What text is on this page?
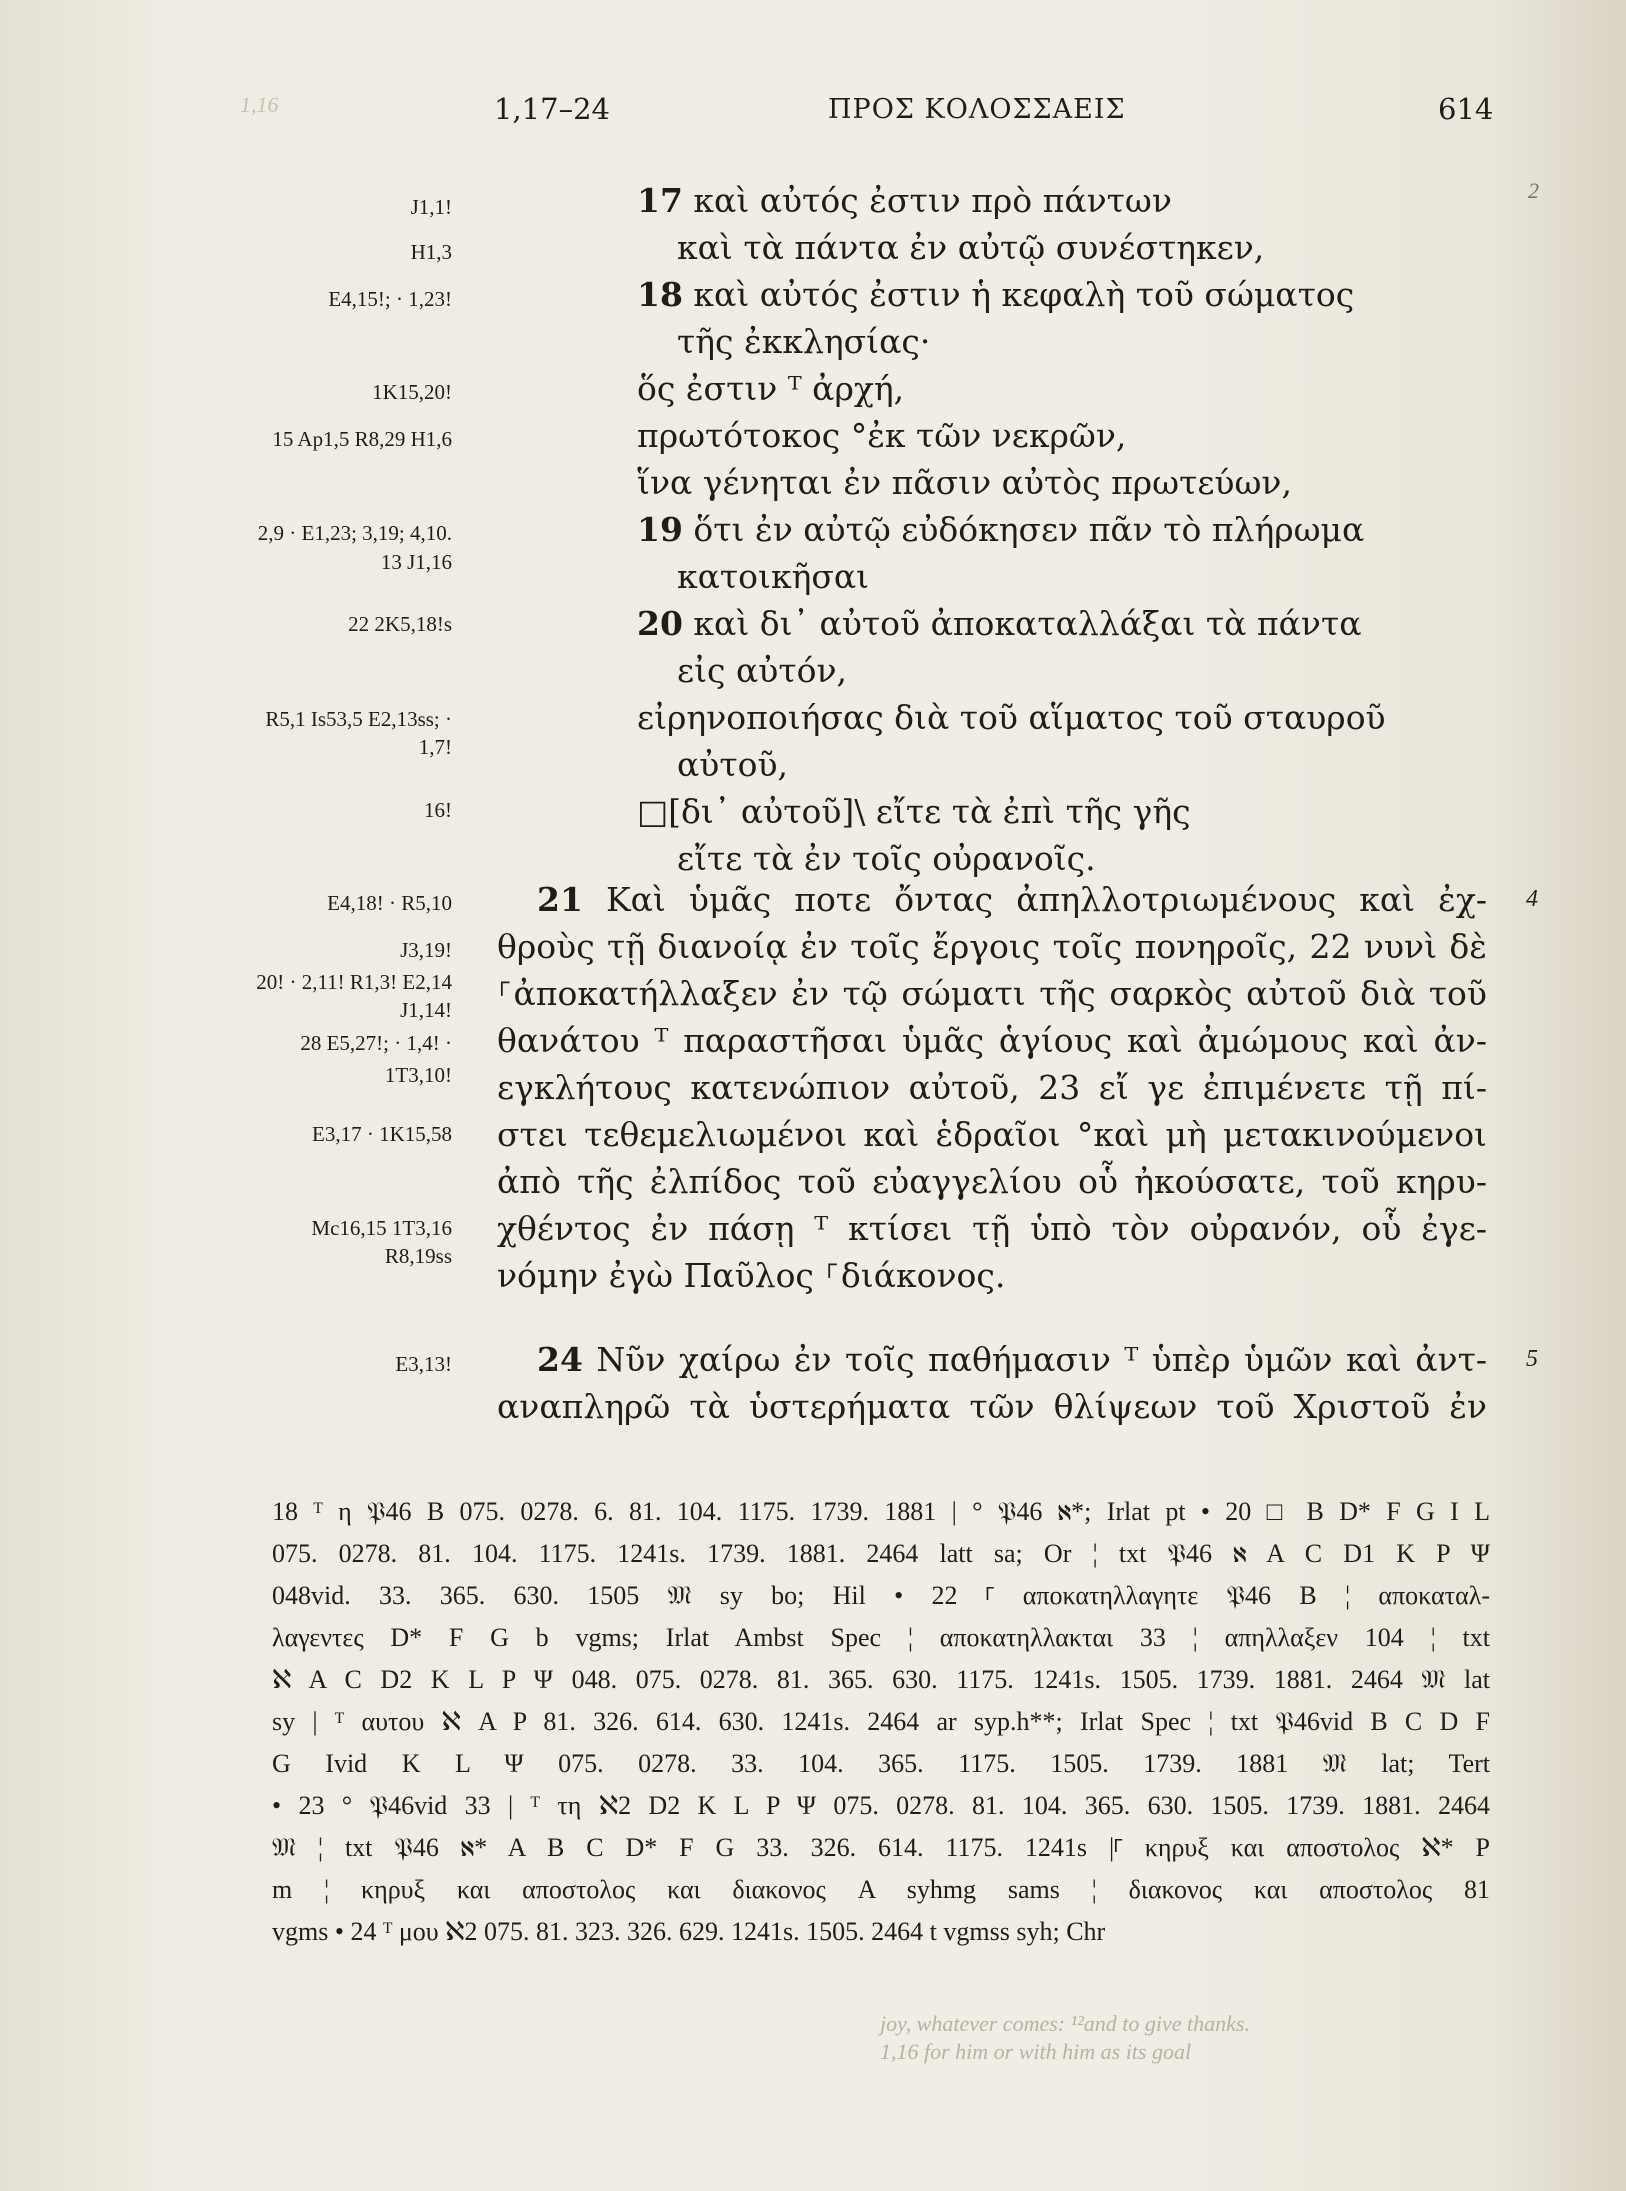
1,17–24	ΠΡΟΣ ΚΟΛΟΣΣΑΕΙΣ	614
1,16
2
J1,1!
H1,3
E4,15!; · 1,23!
1K15,20!
15 Ap1,5 R8,29 H1,6
2,9 · E1,23; 3,19; 4,10.
13 J1,16
22 2K5,18!s
R5,1 Is53,5 E2,13ss; ·
1,7!
16!
E4,18! · R5,10
J3,19!
20! · 2,11! R1,3! E2,14
J1,14!
28 E5,27!; · 1,4! ·
1T3,10!
E3,17 · 1K15,58
Mc16,15 1T3,16
R8,19ss
E3,13!
17 καὶ αὐτός ἐστιν πρὸ πάντων
καὶ τὰ πάντα ἐν αὐτῷ συνέστηκεν,
18 καὶ αὐτός ἐστιν ἡ κεφαλὴ τοῦ σώματος
τῆς ἐκκλησίας·
ὅς ἐστιν ᵀ ἀρχή,
πρωτότοκος °ἐκ τῶν νεκρῶν,
ἵνα γένηται ἐν πᾶσιν αὐτὸς πρωτεύων,
19 ὅτι ἐν αὐτῷ εὐδόκησεν πᾶν τὸ πλήρωμα
κατοικῆσαι
20 καὶ δι᾽ αὐτοῦ ἀποκαταλλάξαι τὰ πάντα
εἰς αὐτόν,
εἰρηνοποιήσας διὰ τοῦ αἵματος τοῦ σταυροῦ
αὐτοῦ,
□[δι᾽ αὐτοῦ]\ εἴτε τὰ ἐπὶ τῆς γῆς
εἴτε τὰ ἐν τοῖς οὐρανοῖς.
21 Καὶ ὑμᾶς ποτε ὄντας ἀπηλλοτριωμένους καὶ ἐχ- 4
θροὺς τῇ διανοίᾳ ἐν τοῖς ἔργοις τοῖς πονηροῖς, 22 νυνὶ δὲ
⸀ἀποκατήλλαξεν ἐν τῷ σώματι τῆς σαρκὸς αὐτοῦ διὰ τοῦ
θανάτου ᵀ παραστῆσαι ὑμᾶς ἁγίους καὶ ἀμώμους καὶ ἀν-
εγκλήτους κατενώπιον αὐτοῦ, 23 εἴ γε ἐπιμένετε τῇ πί-
στει τεθεμελιωμένοι καὶ ἑδραῖοι °καὶ μὴ μετακινούμενοι
ἀπὸ τῆς ἐλπίδος τοῦ εὐαγγελίου οὗ ἠκούσατε, τοῦ κηρυ-
χθέντος ἐν πάσῃ ᵀ κτίσει τῇ ὑπὸ τὸν οὐρανόν, οὗ ἐγε-
νόμην ἐγὼ Παῦλος ⸀διάκονος.
24 Νῦν χαίρω ἐν τοῖς παθήμασιν ᵀ ὑπὲρ ὑμῶν καὶ ἀντ- 5
αναπληρῶ τὰ ὑστερήματα τῶν θλίψεων τοῦ Χριστοῦ ἐν
18 ᵀ η 𝔓46 B 075. 0278. 6. 81. 104. 1175. 1739. 1881 | ° 𝔓46 ℵ*; Irlat pt • 20 □ B D* F G I L
075. 0278. 81. 104. 1175. 1241s. 1739. 1881. 2464 latt sa; Or ¦ txt 𝔓46 ℵ A C D1 K P Ψ
048vid. 33. 365. 630. 1505 𝔐 sy bo; Hil • 22 ⸀ αποκατηλλαγητε 𝔓46 B ¦ αποκαταλ-
λαγεντες D* F G b vgms; Irlat Ambst Spec ¦ αποκατηλλακται 33 ¦ απηλλαξεν 104 ¦ txt
ℵ A C D2 K L P Ψ 048. 075. 0278. 81. 365. 630. 1175. 1241s. 1505. 1739. 1881. 2464 𝔐 lat
sy | ᵀ αυτου ℵ A P 81. 326. 614. 630. 1241s. 2464 ar syp.h**; Irlat Spec ¦ txt 𝔓46vid B C D F
G Ivid K L Ψ 075. 0278. 33. 104. 365. 1175. 1505. 1739. 1881 𝔐 lat; Tert
• 23 ° 𝔓46vid 33 | ᵀ τη ℵ2 D2 K L P Ψ 075. 0278. 81. 104. 365. 630. 1505. 1739. 1881. 2464
𝔐 ¦ txt 𝔓46 ℵ* A B C D* F G 33. 326. 614. 1175. 1241s |⸀ κηρυξ και αποστολος ℵ* P
m ¦ κηρυξ και αποστολος και διακονος A syhmg sams ¦ διακονος και αποστολος 81
vgms • 24 ᵀ μου ℵ2 075. 81. 323. 326. 629. 1241s. 1505. 2464 t vgmss syh; Chr
joy, whatever comes: ¹²and to give thanks.
1,16 for him or with him as its goal
